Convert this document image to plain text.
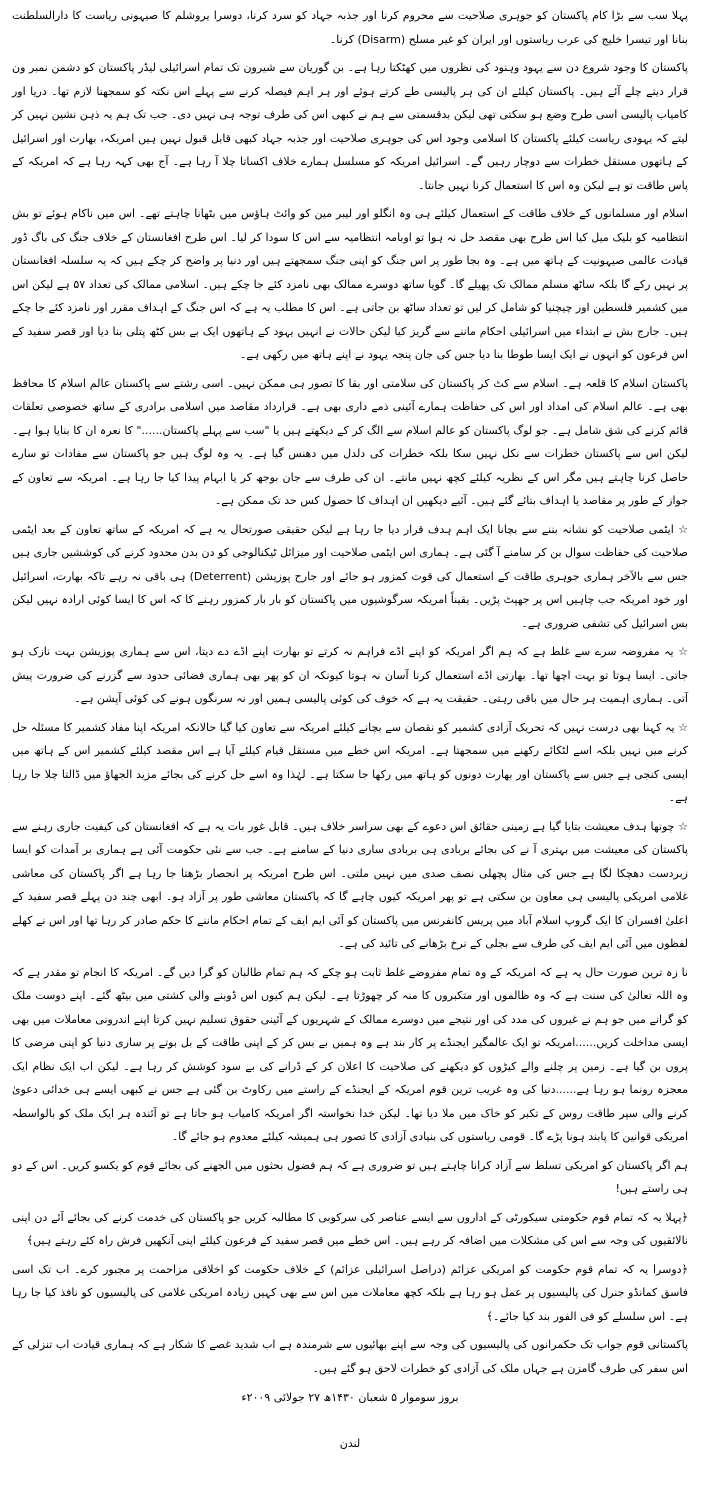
پہلا سب سے بڑا کام پاکستان کو جوہری صلاحیت سے محروم کرنا اور جذبہ جہاد کو سرد کرنا، دوسرا یروشلم کا صیہونی ریاست کا دارالسلطنت بنانا اور تیسرا خلیج کی عرب ریاستوں اور ایران کو غیر مسلح (Disarm) کرنا۔

پاکستان کا وجود شروع دن سے یہود وہنود کی نظروں میں کھٹکتا رہا ہے۔ بن گوریان سے شیرون تک تمام اسرائیلی لیڈر پاکستان کو دشمن نمبر ون قرار دیتے چلے آئے ہیں۔ پاکستان کیلئے ان کی ہر پالیسی طے کرتے ہوئے اور ہر اہم فیصلہ کرنے سے پہلے اس نکتہ کو سمجھنا لازم تھا۔ دریا اور کامیاب پالیسی اسی طرح وضع ہو سکتی تھی لیکن بدقسمتی سے ہم نے کبھی اس کی طرف توجہ ہی نہیں دی۔ جب تک ہم یہ ذہن نشین نہیں کر لیتے کہ یہودی ریاست کیلئے پاکستان کا اسلامی وجود اس کی جوہری صلاحیت اور جذبہ جہاد کبھی قابل قبول نہیں ہیں امریکہ، بھارت اور اسرائیل کے ہاتھوں مستقل خطرات سے دوچار رہیں گے۔ اسرائیل امریکہ کو مسلسل ہمارے خلاف اکساتا چلا آ رہا ہے۔ آج بھی کہہ رہا ہے کہ امریکہ کے پاس طاقت تو ہے لیکن وہ اس کا استعمال کرنا نہیں جانتا۔

اسلام اور مسلمانوں کے خلاف طاقت کے استعمال کیلئے ہی وہ انگلو اور لیبر مین کو وائٹ ہاؤس میں بٹھانا چاہتے تھے۔ اس میں ناکام ہوئے تو بش انتظامیہ کو بلیک میل کیا اس طرح بھی مقصد حل نہ ہوا تو اوبامہ انتظامیہ سے اس کا سودا کر لیا۔ اس طرح افغانستان کے خلاف جنگ کی باگ ڈور قیادت عالمی صیہونیت کے ہاتھ میں ہے۔ وہ بجا طور پر اس جنگ کو اپنی جنگ سمجھتے ہیں اور دنیا پر واضح کر چکے ہیں کہ یہ سلسلہ افغانستان پر نہیں رکے گا بلکہ ساٹھ مسلم ممالک تک پھیلے گا۔ گویا ساتھ دوسرے ممالک بھی نامزد کئے جا چکے ہیں۔ اسلامی ممالک کی تعداد ۵۷ ہے لیکن اس میں کشمیر فلسطین اور چیچنیا کو شامل کر لیں تو تعداد ساٹھ بن جاتی ہے۔ اس کا مطلب یہ ہے کہ اس جنگ کے اہداف مقرر اور نامزد کئے جا چکے ہیں۔ جارج بش نے ابتداء میں اسرائیلی احکام ماننے سے گریز کیا لیکن حالات نے انہیں یہود کے ہاتھوں ایک بے بس کٹھ پتلی بنا دیا اور قصر سفید کے اس فرعون کو انہوں نے ایک ایسا طوطا بنا دیا جس کی جان پنجہ یہود نے اپنے ہاتھ میں رکھی ہے۔

پاکستان اسلام کا قلعہ ہے۔ اسلام سے کٹ کر پاکستان کی سلامتی اور بقا کا تصور ہی ممکن نہیں۔ اسی رشتے سے پاکستان عالم اسلام کا محافظ بھی ہے۔ عالم اسلام کی امداد اور اس کی حفاظت ہمارے آئینی ذمے داری بھی ہے۔ قرارداد مقاصد میں اسلامی برادری کے ساتھ خصوصی تعلقات قائم کرنے کی شق شامل ہے۔ جو لوگ پاکستان کو عالم اسلام سے الگ کر کے دیکھتے ہیں یا "سب سے پہلے پاکستان......" کا نعرہ ان کا بنایا ہوا ہے۔ لیکن اس سے پاکستان خطرات سے نکل نہیں سکا بلکہ خطرات کی دلدل میں دھنس گیا ہے۔ یہ وہ لوگ ہیں جو پاکستان سے مفادات تو سارے حاصل کرنا چاہتے ہیں مگر اس کے نظریہ کیلئے کچھ نہیں مانتے۔ ان کی طرف سے جان بوجھ کر یا ابہام پیدا کیا جا رہا ہے۔ امریکہ سے تعاون کے جواز کے طور پر مقاصد یا اہداف بتائے گئے ہیں۔ آئیے دیکھیں ان اہداف کا حصول کس حد تک ممکن ہے۔

☆ ایٹمی صلاحیت کو نشانہ بننے سے بچانا ایک اہم ہدف قرار دیا جا رہا ہے لیکن حقیقی صورتحال یہ ہے کہ امریکہ کے ساتھ تعاون کے بعد ایٹمی صلاحیت کی حفاظت سوال بن کر سامنے آ گئی ہے۔ ہماری اس ایٹمی صلاحیت اور میزائل ٹیکنالوجی کو دن بدن محدود کرنے کی کوششیں جاری ہیں جس سے بالآخر ہماری جوہری طاقت کے استعمال کی قوت کمزور ہو جائے اور جارح پوزیشن (Deterrent) ہی باقی نہ رہے تاکہ بھارت، اسرائیل اور خود امریکہ جب چاہیں اس پر جھپٹ پڑیں۔ یقیناً امریکہ سرگوشیوں میں پاکستان کو بار بار کمزور رہنے کا کہ اس کا ایسا کوئی ارادہ نہیں لیکن بس اسرائیل کی تشفی ضروری ہے۔

☆ یہ مفروضہ سرے سے غلط ہے کہ ہم اگر امریکہ کو اپنے اڈے فراہم نہ کرتے تو بھارت اپنے اڈے دے دیتا، اس سے ہماری پوزیشن بہت نازک ہو جاتی۔ ایسا ہوتا تو بہت اچھا تھا۔ بھارتی اڈے استعمال کرنا آسان نہ ہوتا کیونکہ ان کو پھر بھی ہماری فضائی حدود سے گزرنے کی ضرورت پیش آتی۔ ہماری اہمیت ہر حال میں باقی رہتی۔ حقیقت یہ ہے کہ خوف کی کوئی پالیسی ہمیں اور نہ سرنگوں ہونے کی کوئی آپشن ہے۔

☆ یہ کہنا بھی درست نہیں کہ تحریک آزادی کشمیر کو نقصان سے بچانے کیلئے امریکہ سے تعاون کیا گیا حالانکہ امریکہ اپنا مفاد کشمیر کا مسئلہ حل کرنے میں نہیں بلکہ اسے لٹکائے رکھنے میں سمجھتا ہے۔ امریکہ اس خطے میں مستقل قیام کیلئے آیا ہے اس مقصد کیلئے کشمیر اس کے ہاتھ میں ایسی کنجی ہے جس سے پاکستان اور بھارت دونوں کو ہاتھ میں رکھا جا سکتا ہے۔ لہٰذا وہ اسے حل کرنے کی بجائے مزید الجھاؤ میں ڈالتا چلا جا رہا ہے۔

☆ چوتھا ہدف معیشت بتایا گیا ہے زمینی حقائق اس دعوے کے بھی سراسر خلاف ہیں۔ قابل غور بات یہ ہے کہ افغانستان کی کیفیت جاری رہنے سے پاکستان کی معیشت میں بہتری آ نے کی بجائے بربادی ہی بربادی ساری دنیا کے سامنے ہے۔ جب سے نئی حکومت آئی ہے ہماری بر آمدات کو ایسا زبردست دھچکا لگا ہے جس کی مثال پچھلی نصف صدی میں نہیں ملتی۔ اس طرح امریکہ پر انحصار بڑھتا جا رہا ہے اگر پاکستان کی معاشی غلامی امریکی پالیسی ہی معاون بن سکتی ہے تو پھر امریکہ کیوں چاہے گا کہ پاکستان معاشی طور پر آزاد ہو۔ ابھی چند دن پہلے قصر سفید کے اعلیٰ افسران کا ایک گروپ اسلام آباد میں پریس کانفرنس میں پاکستان کو آئی ایم ایف کے تمام احکام ماننے کا حکم صادر کر رہا تھا اور اس نے کھلے لفظوں میں آئی ایم ایف کی طرف سے بجلی کے نرخ بڑھانے کی تائید کی ہے۔

نا زہ ترین صورت حال یہ ہے کہ امریکہ کے وہ تمام مفروضے غلط ثابت ہو چکے کہ ہم تمام طالبان کو گرا دیں گے۔ امریکہ کا انجام تو مقدر ہے کہ وہ اللہ تعالیٰ کی سنت ہے کہ وہ ظالموں اور متکبروں کا منہ کر چھوڑتا ہے۔ لیکن ہم کیوں اس ڈوبنے والی کشتی میں بیٹھ گئے۔ اپنے دوست ملک کو گرانے میں جو ہم نے غیروں کی مدد کی اور نتیجے میں دوسرے ممالک کے شہریوں کے آئینی حقوق تسلیم نہیں کرتا اپنے اندرونی معاملات میں بھی ایسی مداخلت کریں......امریکہ تو ایک عالمگیر ایجنڈے پر کار بند ہے وہ ہمیں بے بس کر کے اپنی طاقت کے بل بوتے پر ساری دنیا کو اپنی مرضی کا پروں بن گیا ہے۔ زمین پر چلنے والے کیڑوں کو دیکھنے کی صلاحیت کا اعلان کر کے ڈرانے کی بے سود کوشش کر رہا ہے۔ لیکن اب ایک نظام ایک معجزہ رونما ہو رہا ہے......دنیا کی وہ غریب ترین قوم امریکہ کے ایجنڈے کے راستے میں رکاوٹ بن گئی ہے جس نے کبھی ایسے ہی خدائی دعویٰ کرنے والی سپر طاقت روس کے تکبر کو خاک میں ملا دیا تھا۔ لیکن خدا نخواستہ اگر امریکہ کامیاب ہو جاتا ہے تو آئندہ ہر ایک ملک کو بالواسطہ امریکی قوانین کا پابند ہونا پڑے گا۔ قومی ریاستوں کی بنیادی آزادی کا تصور ہی ہمیشہ کیلئے معدوم ہو جائے گا۔

ہم اگر پاکستان کو امریکی تسلط سے آزاد کرانا چاہتے ہیں تو ضروری ہے کہ ہم فضول بحثوں میں الجھنے کی بجائے قوم کو یکسو کریں۔ اس کے دو ہی راستے ہیں!

﴿پہلا یہ کہ تمام قوم حکومتی سیکورٹی کے اداروں سے ایسے عناصر کی سرکوبی کا مطالبہ کریں جو پاکستان کی خدمت کرنے کی بجائے آئے دن اپنی نالائقیوں کی وجہ سے اس کی مشکلات میں اضافہ کر رہے ہیں۔ اس خطے میں قصر سفید کے فرعون کیلئے اپنی آنکھیں فرش راہ کئے رہتے ہیں﴾

﴿دوسرا یہ کہ تمام قوم حکومت کو امریکی عزائم (دراصل اسرائیلی عزائم) کے خلاف حکومت کو اخلاقی مزاحمت پر مجبور کرے۔ اب تک اسی فاسق کمانڈو جنرل کی پالیسیوں پر عمل ہو رہا ہے بلکہ کچھ معاملات میں اس سے بھی کہیں زیادہ امریکی غلامی کی پالیسیوں کو نافذ کیا جا رہا ہے۔ اس سلسلے کو فی الفور بند کیا جائے۔﴾

پاکستانی قوم جواب تک حکمرانوں کی پالیسیوں کی وجہ سے اپنے بھائیوں سے شرمندہ ہے اب شدید غصے کا شکار ہے کہ ہماری قیادت اب تنزلی کے اس سفر کی طرف گامزن ہے جہاں ملک کی آزادی کو خطرات لاحق ہو گئے ہیں۔

بروز سوموار ۵ شعبان ۱۴۳۰ھ ۲۷ جولائی ۲۰۰۹ء
لندن
